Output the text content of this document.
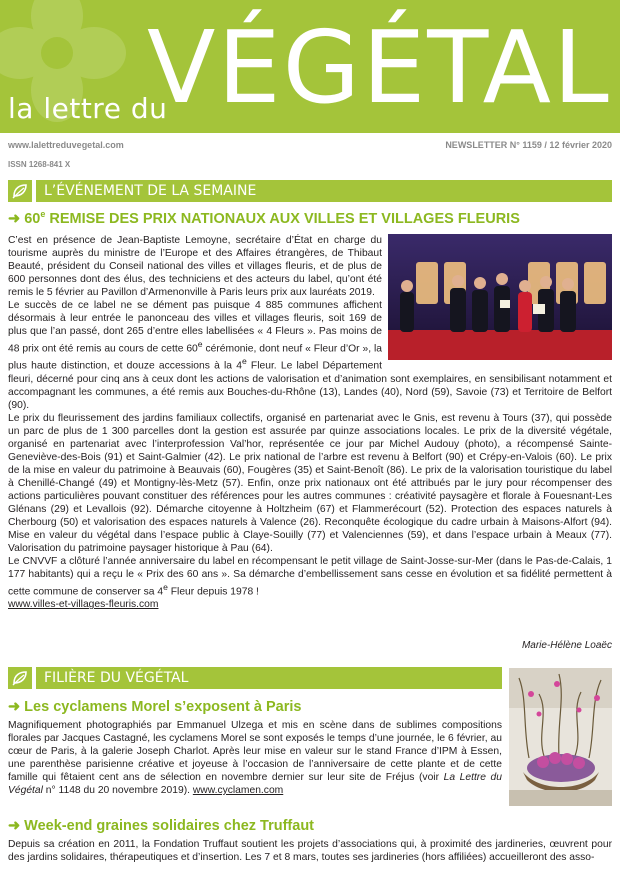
la lettre du
VÉGÉTAL
www.lalettreduvegetal.com	NEWSLETTER N° 1159 / 12 février 2020
ISSN 1268-841 X
L’ÉVÉNEMENT DE LA SEMAINE
➜ 60e REMISE DES PRIX NATIONAUX AUX VILLES ET VILLAGES FLEURIS
C’est en présence de Jean-Baptiste Lemoyne, secrétaire d’État en charge du tourisme auprès du ministre de l’Europe et des Affaires étrangères, de Thibaut Beauté, président du Conseil national des villes et villages fleuris, et de plus de 600 personnes dont des élus, des techniciens et des acteurs du label, qu’ont été remis le 5 février au Pavillon d’Armenonville à Paris leurs prix aux lauréats 2019.
Le succès de ce label ne se dément pas puisque 4 885 communes affichent désormais à leur entrée le panonceau des villes et villages fleuris, soit 169 de plus que l’an passé, dont 265 d’entre elles labellisées « 4 Fleurs ». Pas moins de 48 prix ont été remis au cours de cette 60e cérémonie, dont neuf « Fleur d’Or », la plus haute distinction, et douze accessions à la 4e Fleur. Le label Département fleuri, décerné pour cinq ans à ceux dont les actions de valorisation et d’animation sont exemplaires, en sensibilisant notamment et accompagnant les communes, a été remis aux Bouches-du-Rhône (13), Landes (40), Nord (59), Savoie (73) et Territoire de Belfort (90).
Le prix du fleurissement des jardins familiaux collectifs, organisé en partenariat avec le Gnis, est revenu à Tours (37), qui possède un parc de plus de 1 300 parcelles dont la gestion est assurée par quinze associations locales. Le prix de la diversité végétale, organisé en partenariat avec l’interprofession Val’hor, représentée ce jour par Michel Audouy (photo), a récompensé Sainte-Geneviève-des-Bois (91) et Saint-Galmier (42). Le prix national de l’arbre est revenu à Belfort (90) et Crépy-en-Valois (60). Le prix de la mise en valeur du patrimoine à Beauvais (60), Fougères (35) et Saint-Benoît (86). Le prix de la valorisation touristique du label à Chenillé-Changé (49) et Montigny-lès-Metz (57). Enfin, onze prix nationaux ont été attribués par le jury pour récompenser des actions particulières pouvant constituer des références pour les autres communes : créativité paysagère et florale à Fouesnant-Les Glénans (29) et Levallois (92). Démarche citoyenne à Holtzheim (67) et Flammerécourt (52). Protection des espaces naturels à Cherbourg (50) et valorisation des espaces naturels à Valence (26). Reconquête écologique du cadre urbain à Maisons-Alfort (94). Mise en valeur du végétal dans l’espace public à Claye-Souilly (77) et Valenciennes (59), et dans l’espace urbain à Meaux (77). Valorisation du patrimoine paysager historique à Pau (64).
Le CNVVF a clôturé l’année anniversaire du label en récompensant le petit village de Saint-Josse-sur-Mer (dans le Pas-de-Calais, 1 177 habitants) qui a reçu le « Prix des 60 ans ». Sa démarche d’embellissement sans cesse en évolution et sa fidélité permettent à cette commune de conserver sa 4e Fleur depuis 1978 !
www.villes-et-villages-fleuris.com
Marie-Hélène Loaëc
FILIÈRE DU VÉGÉTAL
➜ Les cyclamens Morel s’exposent à Paris
Magnifiquement photographiés par Emmanuel Ulzega et mis en scène dans de sublimes compositions florales par Jacques Castagné, les cyclamens Morel se sont exposés le temps d’une journée, le 6 février, au cœur de Paris, à la galerie Joseph Charlot. Après leur mise en valeur sur le stand France d’IPM à Essen, une parenthèse parisienne créative et joyeuse à l’occasion de l’anniversaire de cette plante et de cette famille qui fêtaient cent ans de sélection en novembre dernier sur leur site de Fréjus (voir La Lettre du Végétal n° 1148 du 20 novembre 2019). www.cyclamen.com
➜ Week-end graines solidaires chez Truffaut
Depuis sa création en 2011, la Fondation Truffaut soutient les projets d’associations qui, à proximité des jardineries, œuvrent pour des jardins solidaires, thérapeutiques et d’insertion. Les 7 et 8 mars, toutes ses jardineries (hors affiliées) accueilleront des asso-
